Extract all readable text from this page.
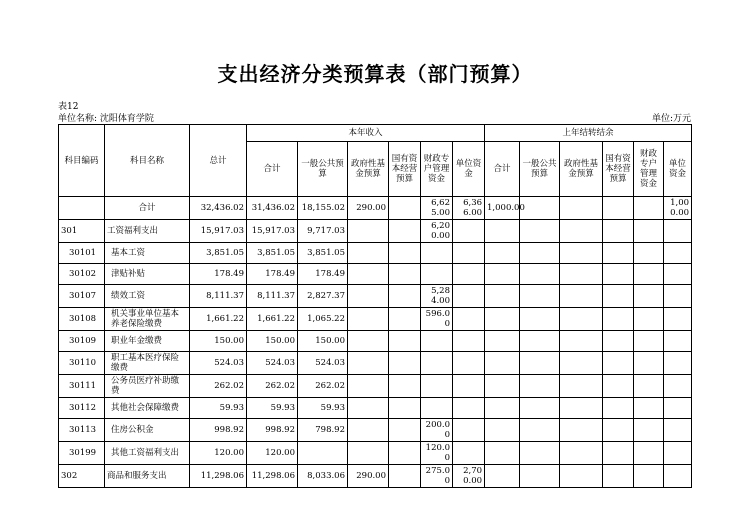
支出经济分类预算表（部门预算）
表12
单位名称: 沈阳体育学院	单位:万元
科目编码	科目名称	总计	本年收入						上年结转结余					
			合计	一般公共预算	政府性基金预算	国有资本经营预算	财政专户管理资金	单位资金	合计	一般公共预算	政府性基金预算	国有资本经营预算	财政专户管理资金	单位资金
	合计	32,436.02	31,436.02	18,155.02	290.00		6,625.00	6,366.00	1,000.00					1,000.00
301	工资福利支出	15,917.03	15,917.03	9,717.03			6,200.00							
30101	基本工资	3,851.05	3,851.05	3,851.05										
30102	津贴补贴	178.49	178.49	178.49										
30107	绩效工资	8,111.37	8,111.37	2,827.37			5,284.00							
30108	机关事业单位基本养老保险缴费	1,661.22	1,661.22	1,065.22			596.00							
30109	职业年金缴费	150.00	150.00	150.00										
30110	职工基本医疗保险缴费	524.03	524.03	524.03										
30111	公务员医疗补助缴费	262.02	262.02	262.02										
30112	其他社会保障缴费	59.93	59.93	59.93										
30113	住房公积金	998.92	998.92	798.92			200.00							
30199	其他工资福利支出	120.00	120.00				120.00							
302	商品和服务支出	11,298.06	11,298.06	8,033.06	290.00		275.00	2,700.00						
